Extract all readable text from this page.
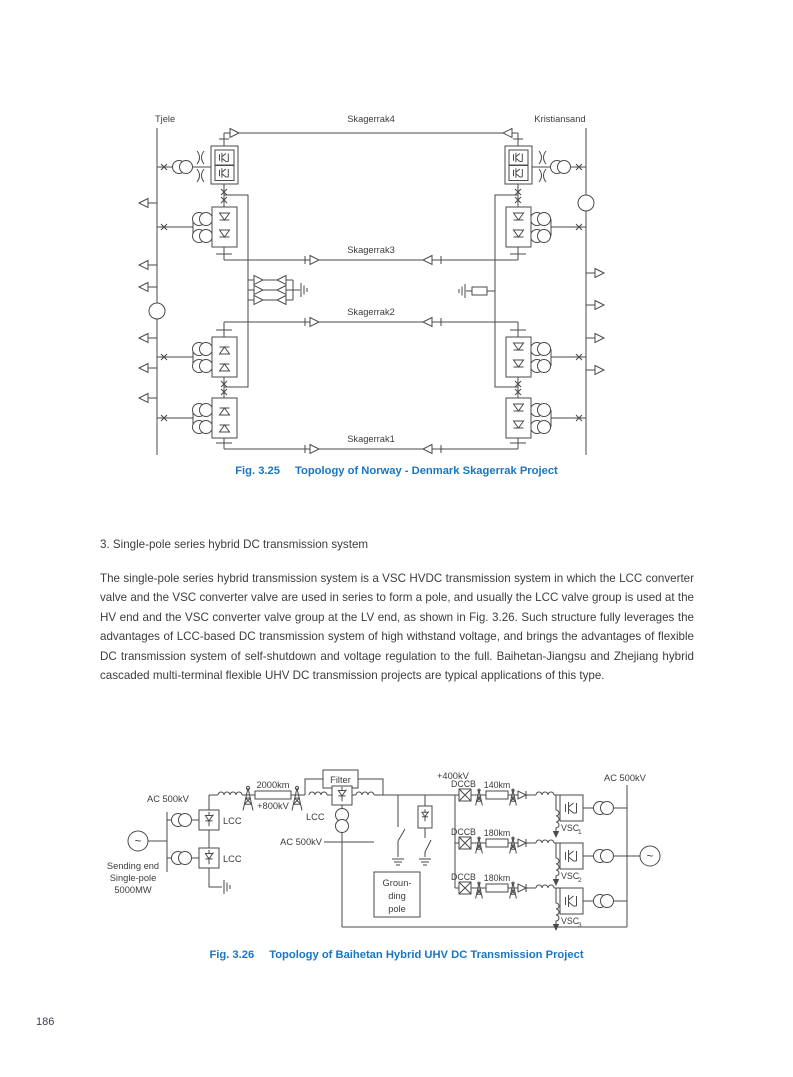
Tjele	Kristiansand
Skagerrak4
Skagerrak3
Skagerrak2
Skagerrak1
Fig. 3.25 Topology of Norway - Denmark Skagerrak Project
3. Single-pole series hybrid DC transmission system
The single-pole series hybrid transmission system is a VSC HVDC transmission system in which the LCC converter valve and the VSC converter valve are used in series to form a pole, and usually the LCC valve group is used at the HV end and the VSC converter valve group at the LV end, as shown in Fig. 3.26. Such structure fully leverages the advantages of LCC-based DC transmission system of high withstand voltage, and brings the advantages of flexible DC transmission system of self-shutdown and voltage regulation to the full. Baihetan-Jiangsu and Zhejiang hybrid cascaded multi-terminal flexible UHV DC transmission projects are typical applications of this type.
~
AC 500kV
Sending end
Single-pole
5000MW
LCC
LCC
2000km
+800kV
Filter
LCC
AC 500kV
Groun-
ding
pole
+400kV
DCCB 140km
VSC
1
DCCB 180km
VSC
2
DCCB 180km
VSC
3
AC 500kV
~
Fig. 3.26 Topology of Baihetan Hybrid UHV DC Transmission Project
186
